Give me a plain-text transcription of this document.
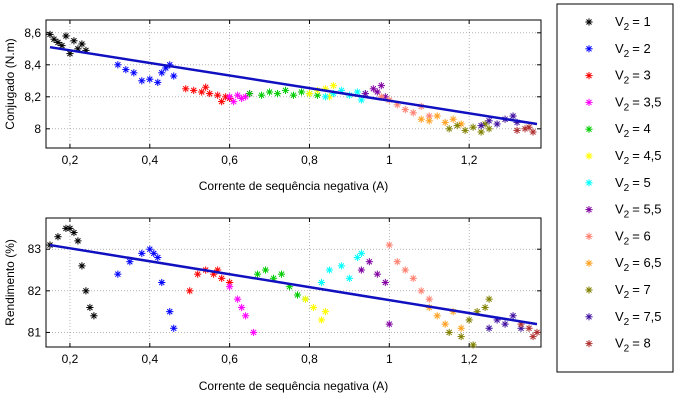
0,2	0,4	0,6	0,8	1	1,2
8
8,2
8,4
8,6
Corrente de sequência negativa (A)
Conjugado (N.m)
0,2	0,4	0,6	0,8	1	1,2
81
82
83
Corrente de sequência negativa (A)
Rendimento (%)
$V_2 = 1$
$V_2 = 2$
$V_2 = 3$
$V_2 = 3,5$
$V_2 = 4$
$V_2 = 4,5$
$V_2 = 5$
$V_2 = 5,5$
$V_2 = 6$
$V_2 = 6,5$
$V_2 = 7$
$V_2 = 7,5$
$V_2 = 8$
